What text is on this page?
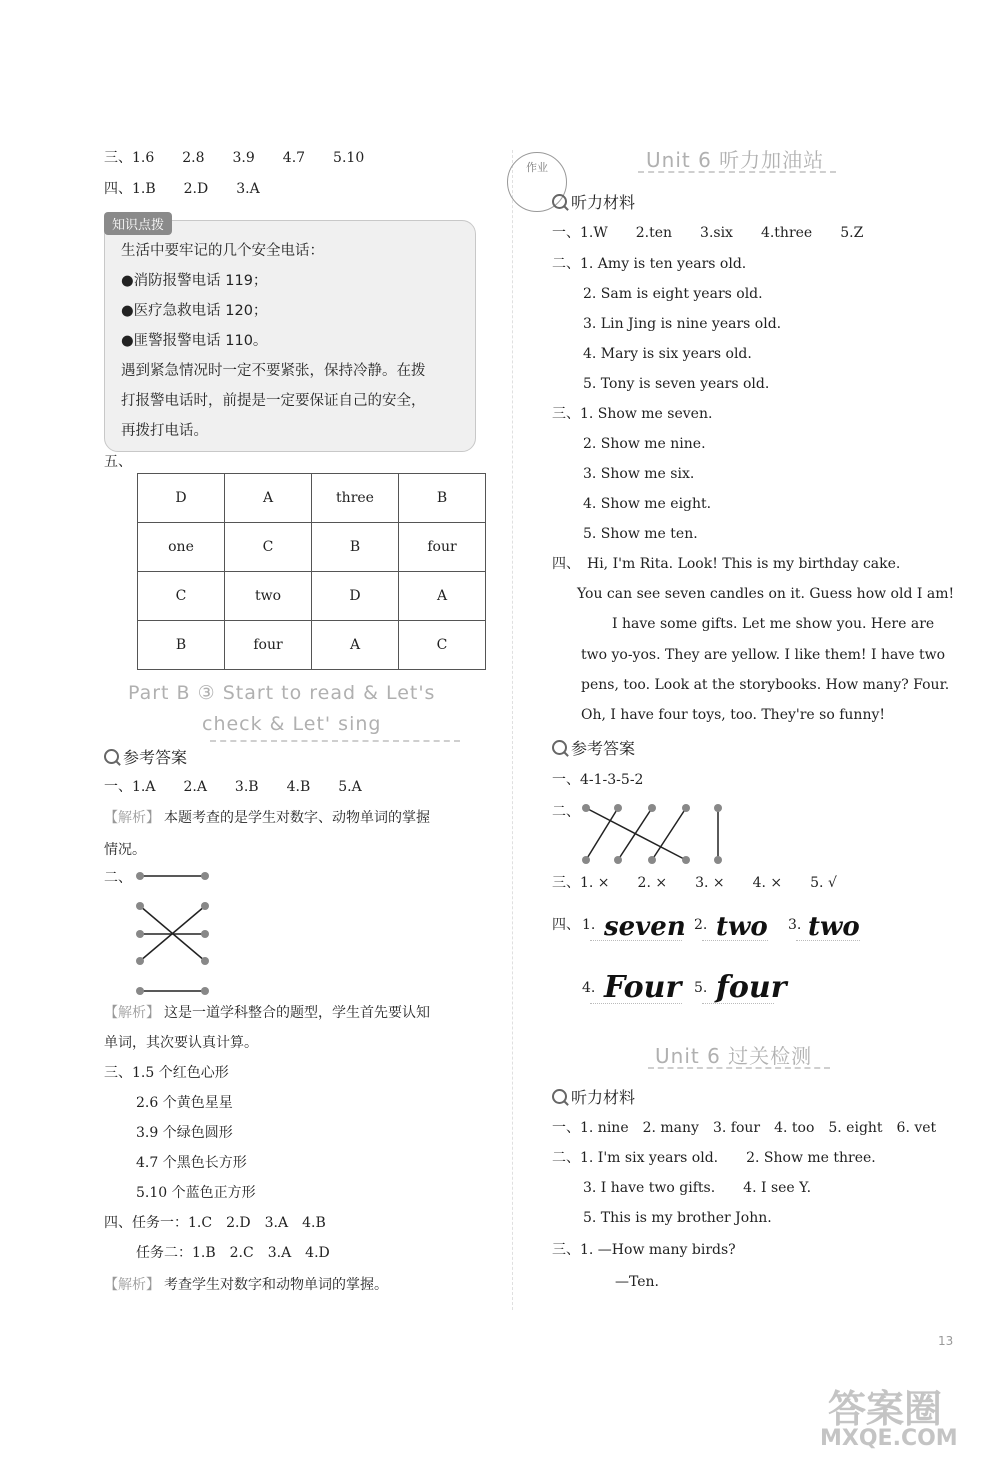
三、1.6　　2.8　　3.9　　4.7　　5.10
四、1.B　　2.D　　3.A

生活中要牢记的几个安全电话：

●消防报警电话 119；

●医疗急救电话 120；

●匪警报警电话 110。

遇到紧急情况时一定不要紧张，保持冷静。在拨

打报警电话时，前提是一定要保证自己的安全，

再拨打电话。

知识点拨
五、
D	A	three	B
one	C	B	four
C	two	D	A
B	four	A	C
Part B ③ Start to read & Let's
check & Let' sing
参考答案
一、1.A　　2.A　　3.B　　4.B　　5.A
【解析】 本题考查的是学生对数字、动物单词的掌握
情况。
二、
【解析】 这是一道学科整合的题型，学生首先要认知
单词，其次要认真计算。
三、1.5 个红色心形
2.6 个黄色星星
3.9 个绿色圆形
4.7 个黑色长方形
5.10 个蓝色正方形
四、任务一：1.C　2.D　3.A　4.B
任务二：1.B　2.C　3.A　4.D
【解析】 考查学生对数字和动物单词的掌握。
作业	Unit 6 听力加油站
听力材料
一、1.W　　2.ten　　3.six　　4.three　　5.Z
二、1. Amy is ten years old.
2. Sam is eight years old.
3. Lin Jing is nine years old.
4. Mary is six years old.
5. Tony is seven years old.
三、1. Show me seven.
2. Show me nine.
3. Show me six.
4. Show me eight.
5. Show me ten.
四、　Hi, I'm Rita. Look! This is my birthday cake.
You can see seven candles on it. Guess how old I am!
I have some gifts. Let me show you. Here are
two yo-yos. They are yellow. I like them! I have two
pens, too. Look at the storybooks. How many? Four.
Oh, I have four toys, too. They're so funny!
参考答案
一、4-1-3-5-2
二、
三、1. ×　　2. ×　　3. ×　　4. ×　　5. √
四、 1. seven 2. two 3. two
4. Four 5. four
Unit 6 过关检测
听力材料
一、1. nine　2. many　3. four　4. too　5. eight　6. vet
二、1. I'm six years old.　　2. Show me three.
3. I have two gifts.　　4. I see Y.
5. This is my brother John.
三、1. —How many birds?
—Ten.
13
答案圈
MXQE.COM
